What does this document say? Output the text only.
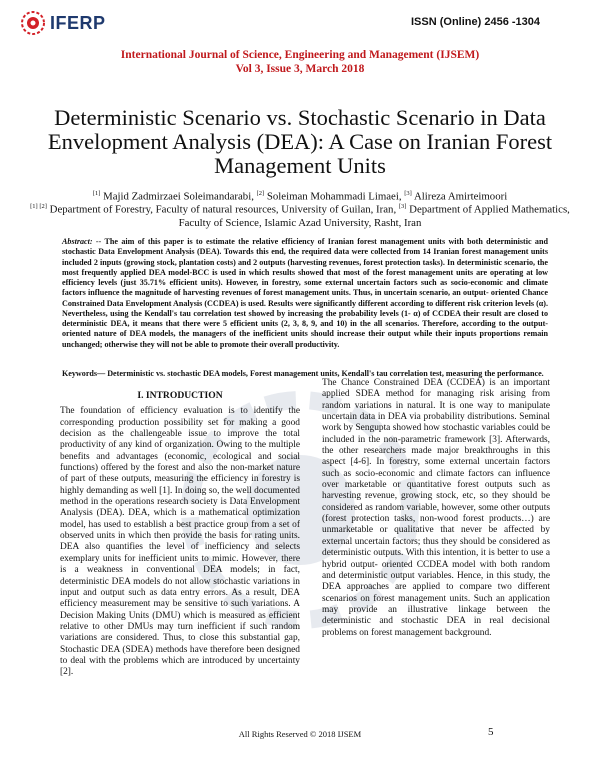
IFERP	ISSN (Online) 2456 -1304
International Journal of Science, Engineering and Management (IJSEM)
Vol 3, Issue 3, March 2018
Deterministic Scenario vs. Stochastic Scenario in Data Envelopment Analysis (DEA): A Case on Iranian Forest Management Units
[1] Majid Zadmirzaei Soleimandarabi, [2] Soleiman Mohammadi Limaei, [3] Alireza Amirteimoori
[1] [2] Department of Forestry, Faculty of natural resources, University of Guilan, Iran, [3] Department of Applied Mathematics, Faculty of Science, Islamic Azad University, Rasht, Iran
Abstract: -- The aim of this paper is to estimate the relative efficiency of Iranian forest management units with both deterministic and stochastic Data Envelopment Analysis (DEA). Towards this end, the required data were collected from 14 Iranian forest management units included 2 inputs (growing stock, plantation costs) and 2 outputs (harvesting revenues, forest protection tasks). In deterministic scenario, the most frequently applied DEA model-BCC is used in which results showed that most of the forest management units are operating at low efficiency levels (just 35.71% efficient units). However, in forestry, some external uncertain factors such as socio-economic and climate factors influence the magnitude of harvesting revenues of forest management units. Thus, in uncertain scenario, an output- oriented Chance Constrained Data Envelopment Analysis (CCDEA) is used. Results were significantly different according to different risk criterion levels (α). Nevertheless, using the Kendall's tau correlation test showed by increasing the probability levels (1- α) of CCDEA their result are closed to deterministic DEA, it means that there were 5 efficient units (2, 3, 8, 9, and 10) in the all scenarios. Therefore, according to the output-oriented nature of DEA models, the managers of the inefficient units should increase their output while their inputs proportions remain unchanged; otherwise they will not be able to promote their overall productivity.
Keywords— Deterministic vs. stochastic DEA models, Forest management units, Kendall's tau correlation test, measuring the performance.
I. INTRODUCTION
The foundation of efficiency evaluation is to identify the corresponding production possibility set for making a good decision as the challengeable issue to improve the total productivity of any kind of organization. Owing to the multiple benefits and advantages (economic, ecological and social functions) offered by the forest and also the non-market nature of part of these outputs, measuring the efficiency in forestry is highly demanding as well [1]. In doing so, the well documented method in the operations research society is Data Envelopment Analysis (DEA). DEA, which is a mathematical optimization model, has used to establish a best practice group from a set of observed units in which then provide the basis for rating units. DEA also quantifies the level of inefficiency and selects exemplary units for inefficient units to mimic. However, there is a weakness in conventional DEA models; in fact, deterministic DEA models do not allow stochastic variations in input and output such as data entry errors. As a result, DEA efficiency measurement may be sensitive to such variations. A Decision Making Units (DMU) which is measured as efficient relative to other DMUs may turn inefficient if such random variations are considered. Thus, to close this substantial gap, Stochastic DEA (SDEA) methods have therefore been designed to deal with the problems which are introduced by uncertainty [2].
The Chance Constrained DEA (CCDEA) is an important applied SDEA method for managing risk arising from random variations in natural. It is one way to manipulate uncertain data in DEA via probability distributions. Seminal work by Sengupta showed how stochastic variables could be included in the non-parametric framework [3]. Afterwards, the other researchers made major breakthroughs in this aspect [4-6]. In forestry, some external uncertain factors such as socio-economic and climate factors can influence over marketable or quantitative forest outputs such as harvesting revenue, growing stock, etc, so they should be considered as random variable, however, some other outputs (forest protection tasks, non-wood forest products…) are unmarketable or qualitative that never be affected by external uncertain factors; thus they should be considered as deterministic outputs. With this intention, it is better to use a hybrid output- oriented CCDEA model with both random and deterministic output variables. Hence, in this study, the DEA approaches are applied to compare two different scenarios on forest management units. Such an application may provide an illustrative linkage between the deterministic and stochastic DEA in real decisional problems on forest management background.
All Rights Reserved © 2018 IJSEM	5
